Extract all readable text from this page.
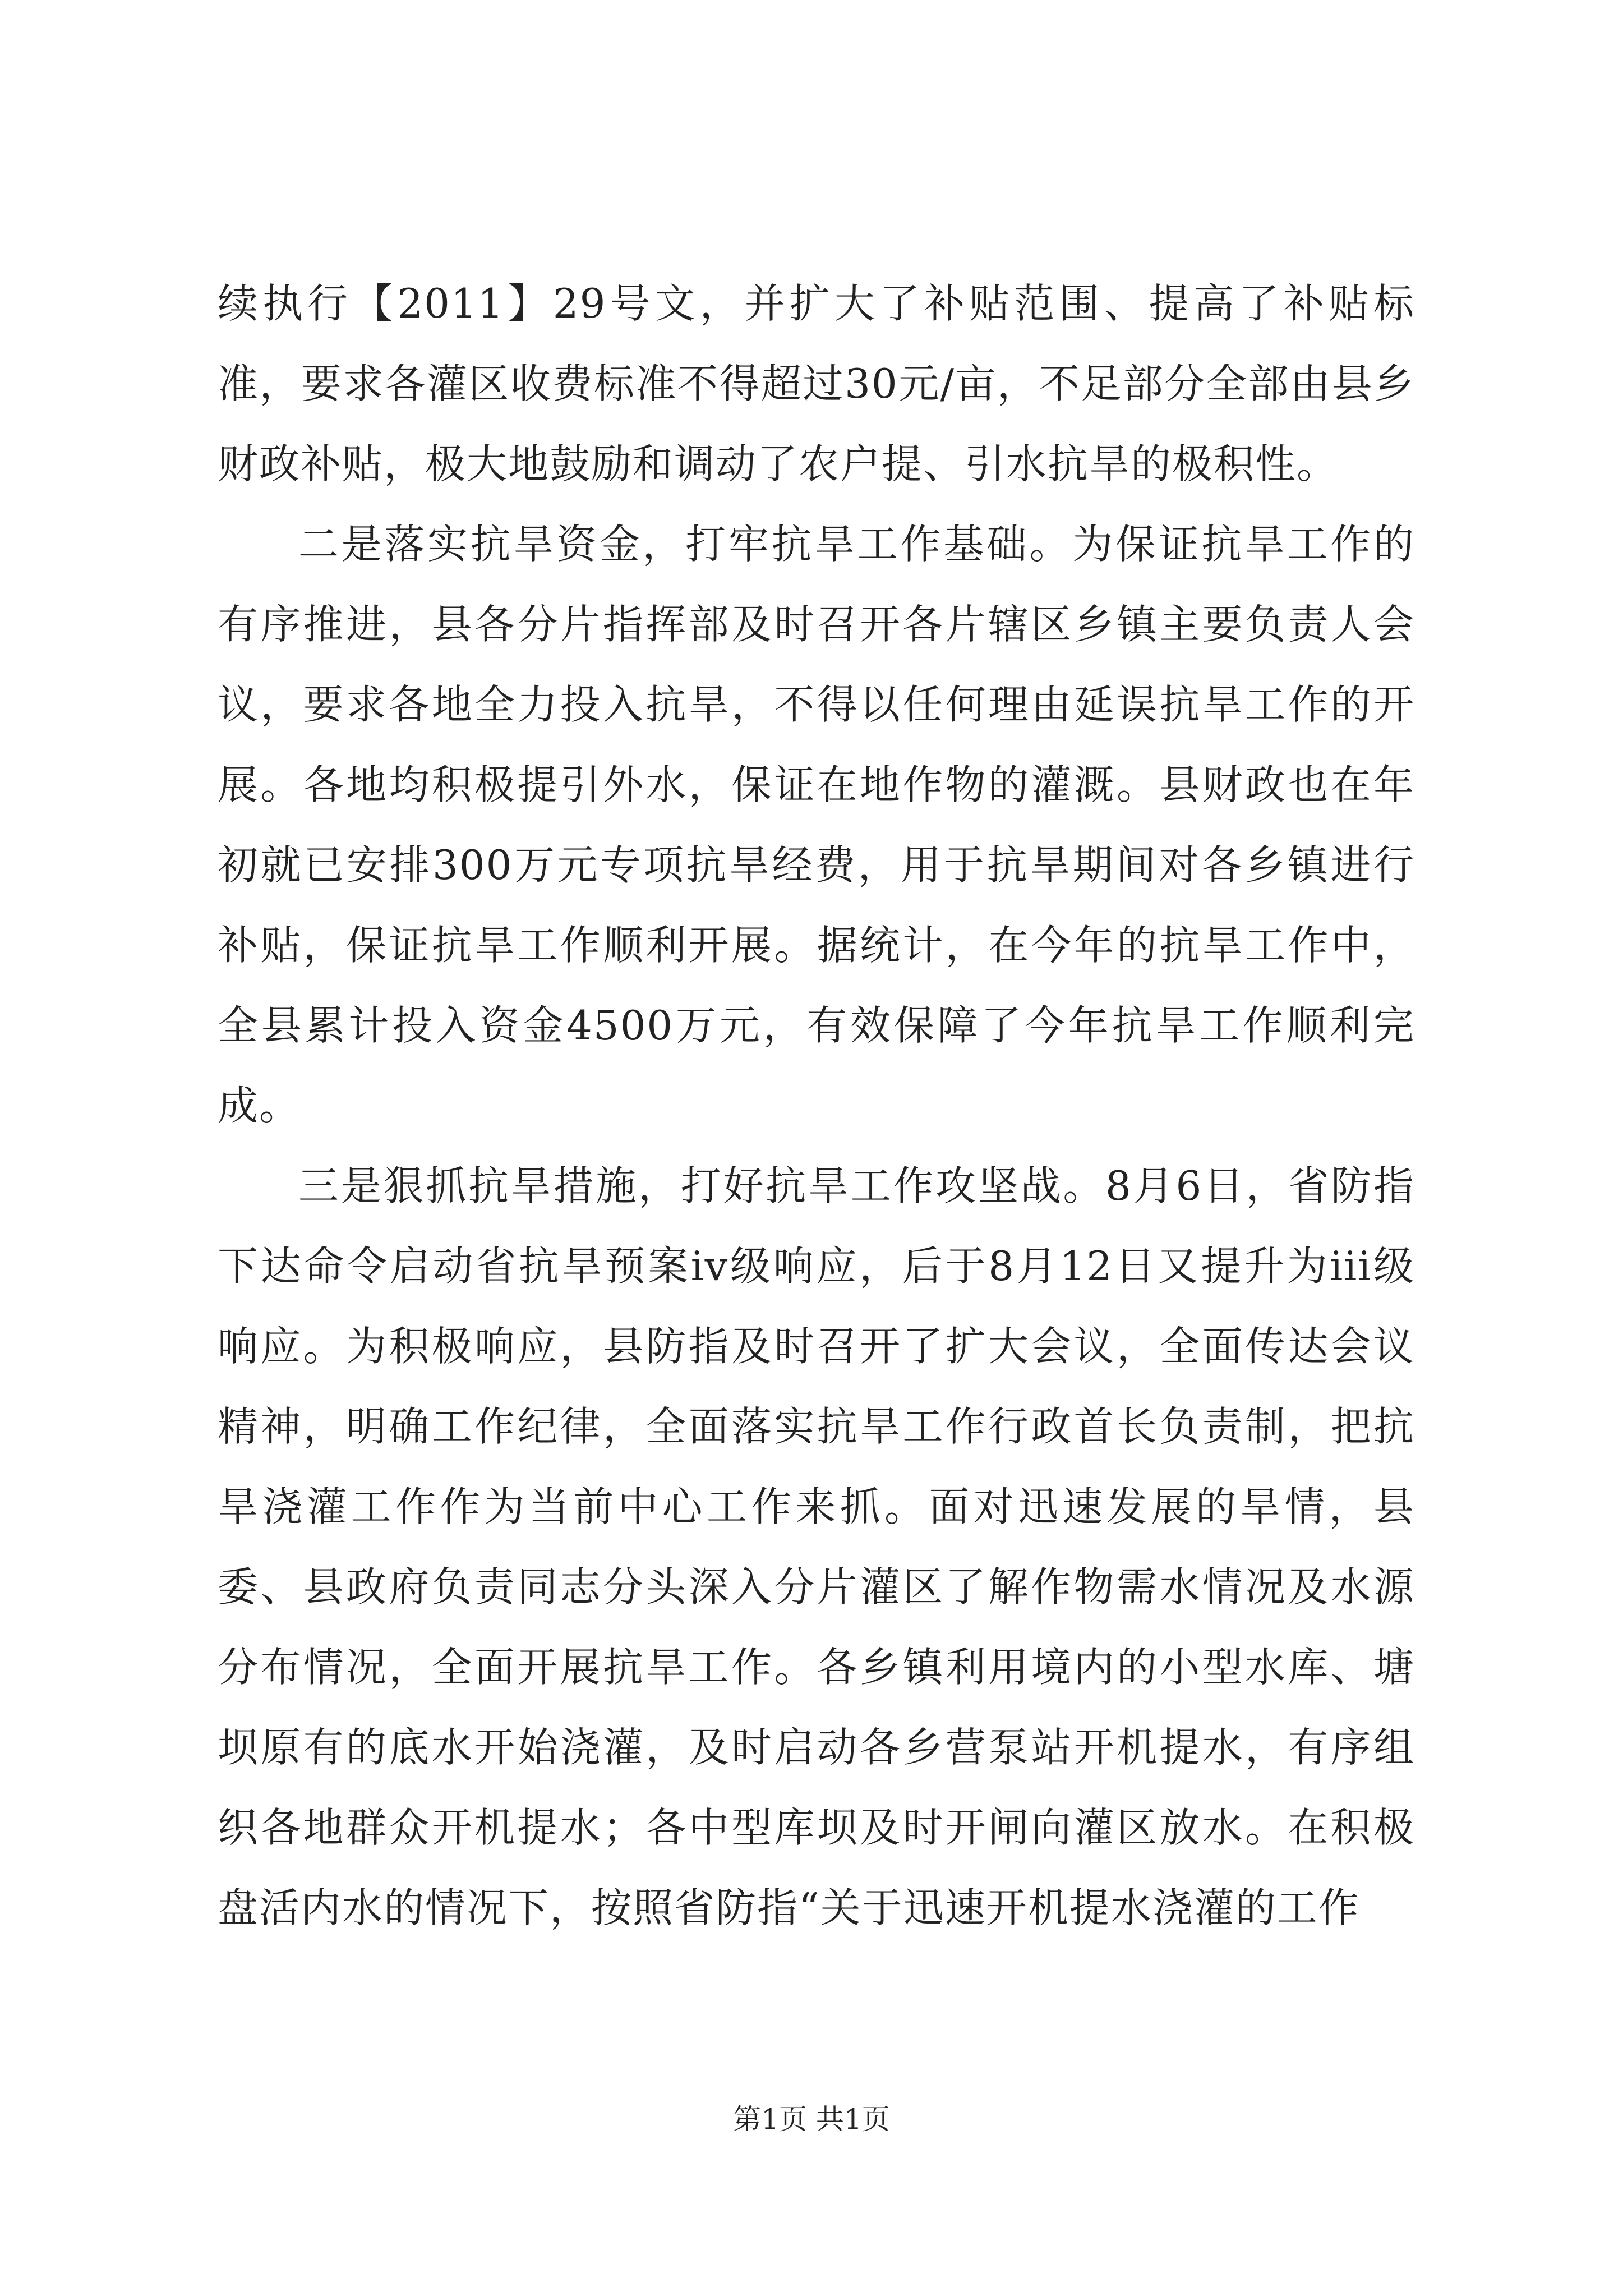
续执行【2011】29号文，并扩大了补贴范围、提高了补贴标准，要求各灌区收费标准不得超过30元/亩，不足部分全部由县乡财政补贴，极大地鼓励和调动了农户提、引水抗旱的极积性。

二是落实抗旱资金，打牢抗旱工作基础。为保证抗旱工作的有序推进，县各分片指挥部及时召开各片辖区乡镇主要负责人会议，要求各地全力投入抗旱，不得以任何理由延误抗旱工作的开展。各地均积极提引外水，保证在地作物的灌溉。县财政也在年初就已安排300万元专项抗旱经费，用于抗旱期间对各乡镇进行补贴，保证抗旱工作顺利开展。据统计，在今年的抗旱工作中，全县累计投入资金4500万元，有效保障了今年抗旱工作顺利完成。

三是狠抓抗旱措施，打好抗旱工作攻坚战。8月6日，省防指下达命令启动省抗旱预案iv级响应，后于8月12日又提升为iii级响应。为积极响应，县防指及时召开了扩大会议，全面传达会议精神，明确工作纪律，全面落实抗旱工作行政首长负责制，把抗旱浇灌工作作为当前中心工作来抓。面对迅速发展的旱情，县委、县政府负责同志分头深入分片灌区了解作物需水情况及水源分布情况，全面开展抗旱工作。各乡镇利用境内的小型水库、塘坝原有的底水开始浇灌，及时启动各乡营泵站开机提水，有序组织各地群众开机提水；各中型库坝及时开闸向灌区放水。在积极盘活内水的情况下，按照省防指“关于迅速开机提水浇灌的工作

第1页 共1页
